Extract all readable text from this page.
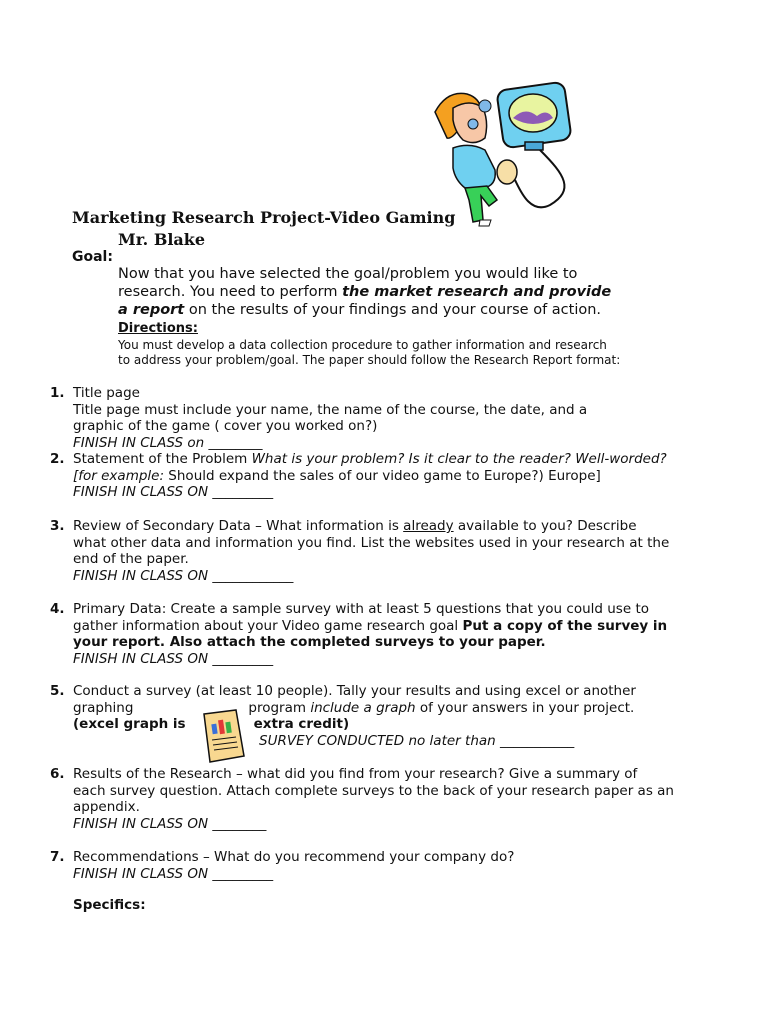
Marketing Research Project-Video Gaming
Mr. Blake
Goal:
Now that you have selected the goal/problem you would like to
research. You need to perform the market research and provide
a report on the results of your findings and your course of action.
Directions:
You must develop a data collection procedure to gather information and research
to address your problem/goal. The paper should follow the Research Report format:
1. Title page
Title page must include your name, the name of the course, the date, and a
graphic of the game ( cover you worked on?)
FINISH IN CLASS on ________
2. Statement of the Problem What is your problem? Is it clear to the reader? Well-worded?
[for example: Should expand the sales of our video game to Europe?) Europe]
FINISH IN CLASS ON _________
3. Review of Secondary Data – What information is already available to you? Describe
what other data and information you find. List the websites used in your research at the
end of the paper.
FINISH IN CLASS ON ____________
4. Primary Data: Create a sample survey with at least 5 questions that you could use to
gather information about your Video game research goal Put a copy of the survey in
your report. Also attach the completed surveys to your paper.
FINISH IN CLASS ON _________
5. Conduct a survey (at least 10 people). Tally your results and using excel or another
graphing	program include a graph of your answers in your project.
(excel graph is	extra credit)
SURVEY CONDUCTED no later than ___________
6. Results of the Research – what did you find from your research? Give a summary of
each survey question. Attach complete surveys to the back of your research paper as an
appendix.
FINISH IN CLASS ON ________
7. Recommendations – What do you recommend your company do?
FINISH IN CLASS ON _________
Specifics:
